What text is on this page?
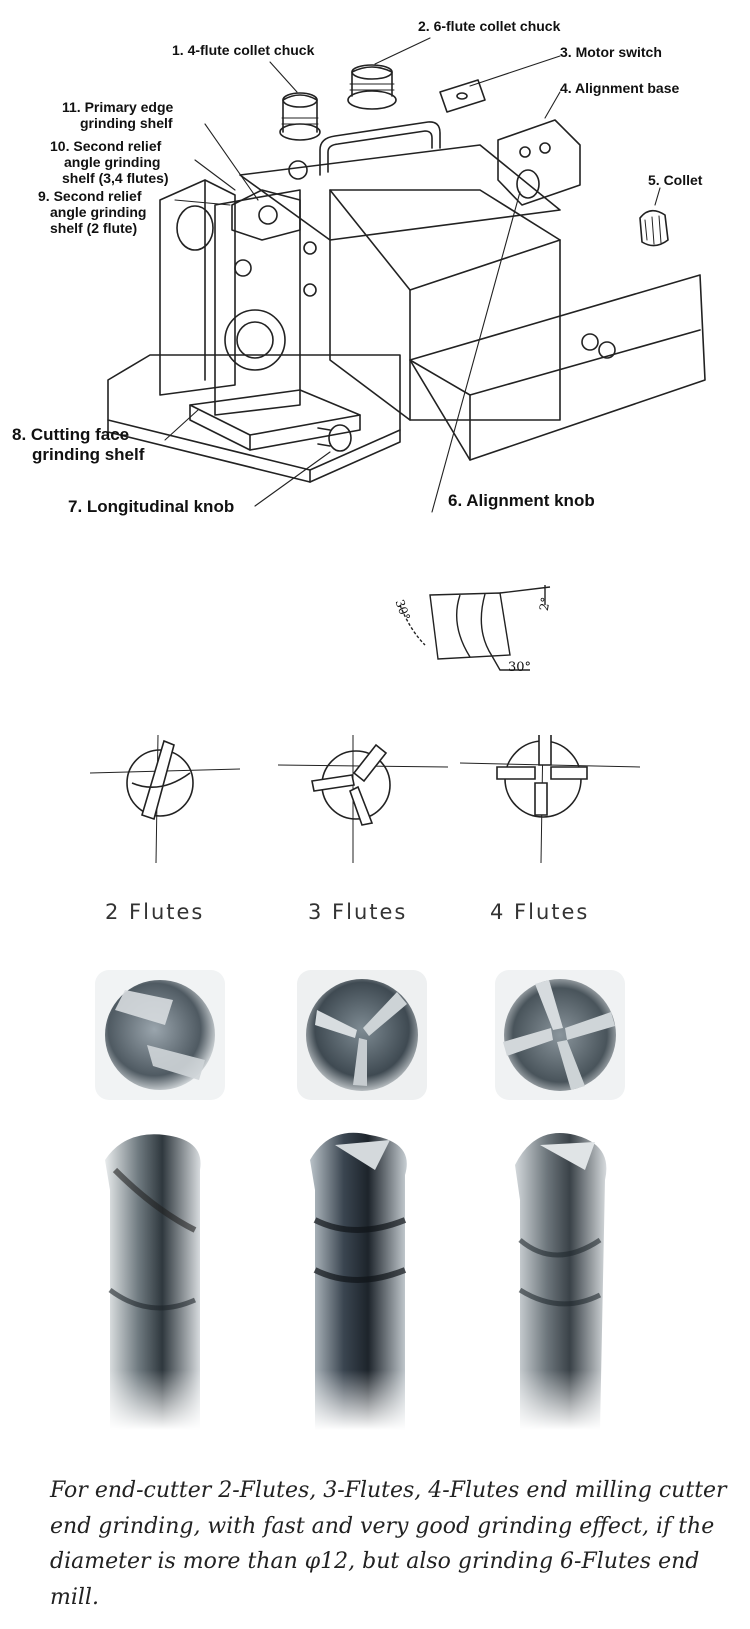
1. 4-flute collet chuck
2. 6-flute collet chuck
3. Motor switch
4. Alignment base
5. Collet
6. Alignment knob
7. Longitudinal knob
8. Cutting face
grinding shelf
9. Second relief
angle grinding
shelf (2 flute)
10. Second relief
angle grinding
shelf (3,4 flutes)
11. Primary edge
grinding shelf
30°	2°
30°
2 Flutes	3 Flutes	4 Flutes
For end-cutter 2-Flutes, 3-Flutes, 4-Flutes end milling cutter end grinding, with fast and very good grinding effect, if the diameter is more than φ12, but also grinding 6-Flutes end mill.
